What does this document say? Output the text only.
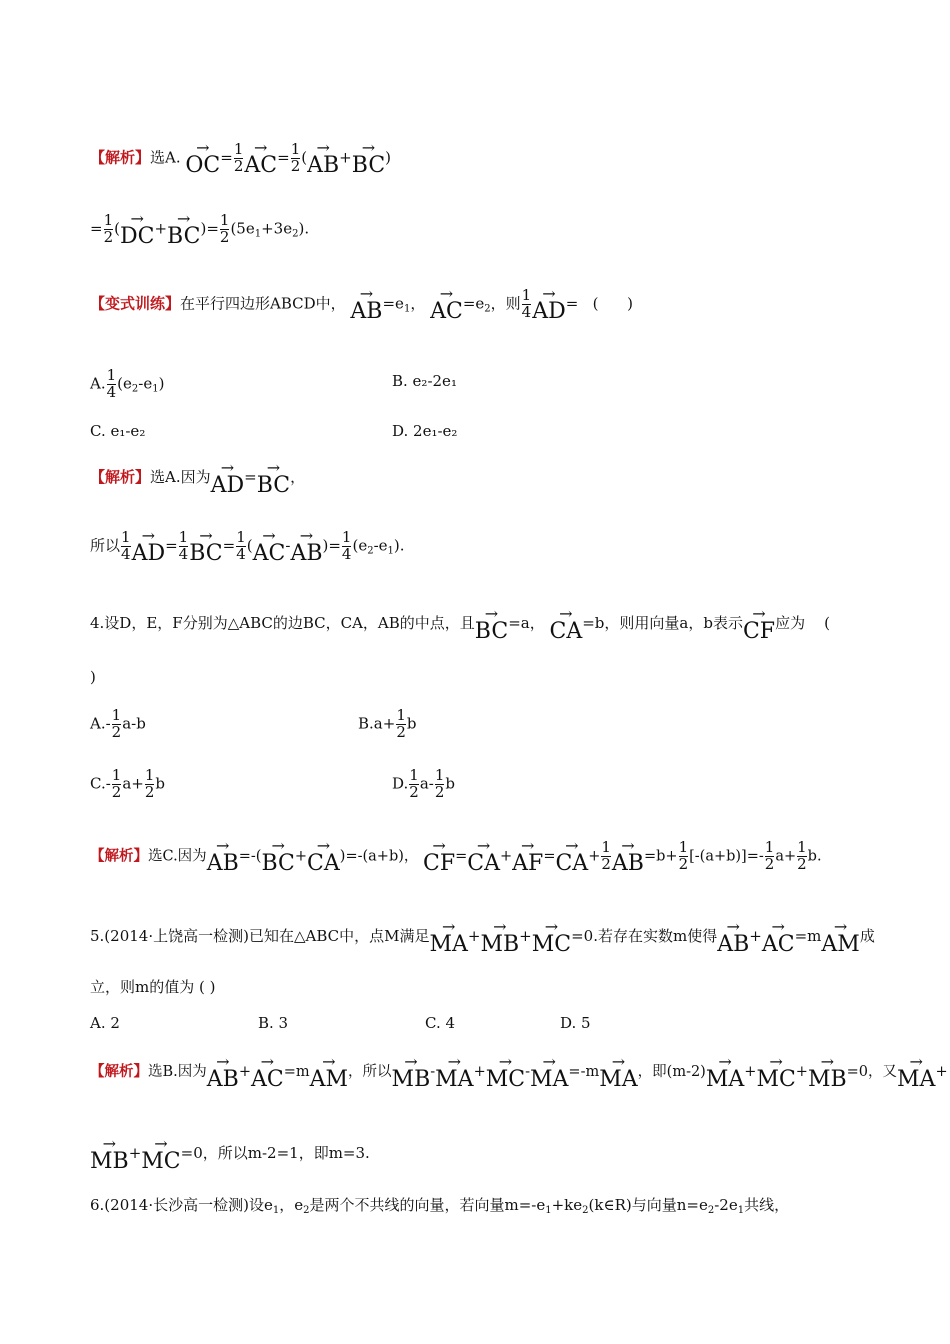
【解析】选A. →
$OC= \frac{1}{2}$ →
$AC= \frac{1}{2}$ ( →
AB+ →
BC)
= $\frac{1}{2}$ ( →
DC+ →
$BC)= \frac{1}{2} (5e_1+3e_2)$.
【变式训练】在平行四边形ABCD中， →
$AB=e_1$， →
$AC=e_2$，则 $\frac{1}{4}$ →
AD=   (      )
A. $\frac{1}{4} (e_2-e_1)$	B. e₂-2e₁
C. e₁-e₂	D. 2e₁-e₂
【解析】选A.因为 →
AD= →
BC，
所以 $\frac{1}{4}$ →
$AD= \frac{1}{4}$ →
$BC= \frac{1}{4}$ ( →
AC- →
$AB)= \frac{1}{4} (e_2-e_1)$.
4.设D，E，F分别为△ABC的边BC，CA，AB的中点，且 →
BC=a， →
CA=b，则用向量a，b表示 →
CF应为    (
)
$A.- \frac{1}{2} a-b$	$B.a+ \frac{1}{2}$ b
$C.- \frac{1}{2} a+ \frac{1}{2}$ b	D. $\frac{1}{2} a- \frac{1}{2}$ b
【解析】选C.因为
→
AB=-(
→
BC+
→
CA)=-(a+b)，
→
CF=
→
CA+
→
AF=
→
$CA+ \frac{1}{2}$ →
$AB=b+ \frac{1}{2} [-(a+b)]=- \frac{1}{2} a+ \frac{1}{2} b$.
5.(2014·上饶高一检测)已知在△ABC中，点M满足 →
MA+ →
MB+ →
MC=0.若存在实数m使得 →
AB+ →
AC=m →
AM成
立，则m的值为 ( )
A. 2	B. 3	C. 4	D. 5
【解析】选B.因为
→
AB+
→
AC=m
→
AM，所以
→
MB-
→
MA+
→
MC-
→
MA=-m
→
MA，即(m-2)
→
MA+
→
MC+
→
MB=0，又
→
MA+
→
MB+ →
MC=0，所以m-2=1，即m=3.
6.(2014·长沙高一检测)设$e_1$，$e_2$是两个不共线的向量，若向量$m=-e_1+ke_2(k\in R)$与向量$n=e_2-2e_1$共线，
